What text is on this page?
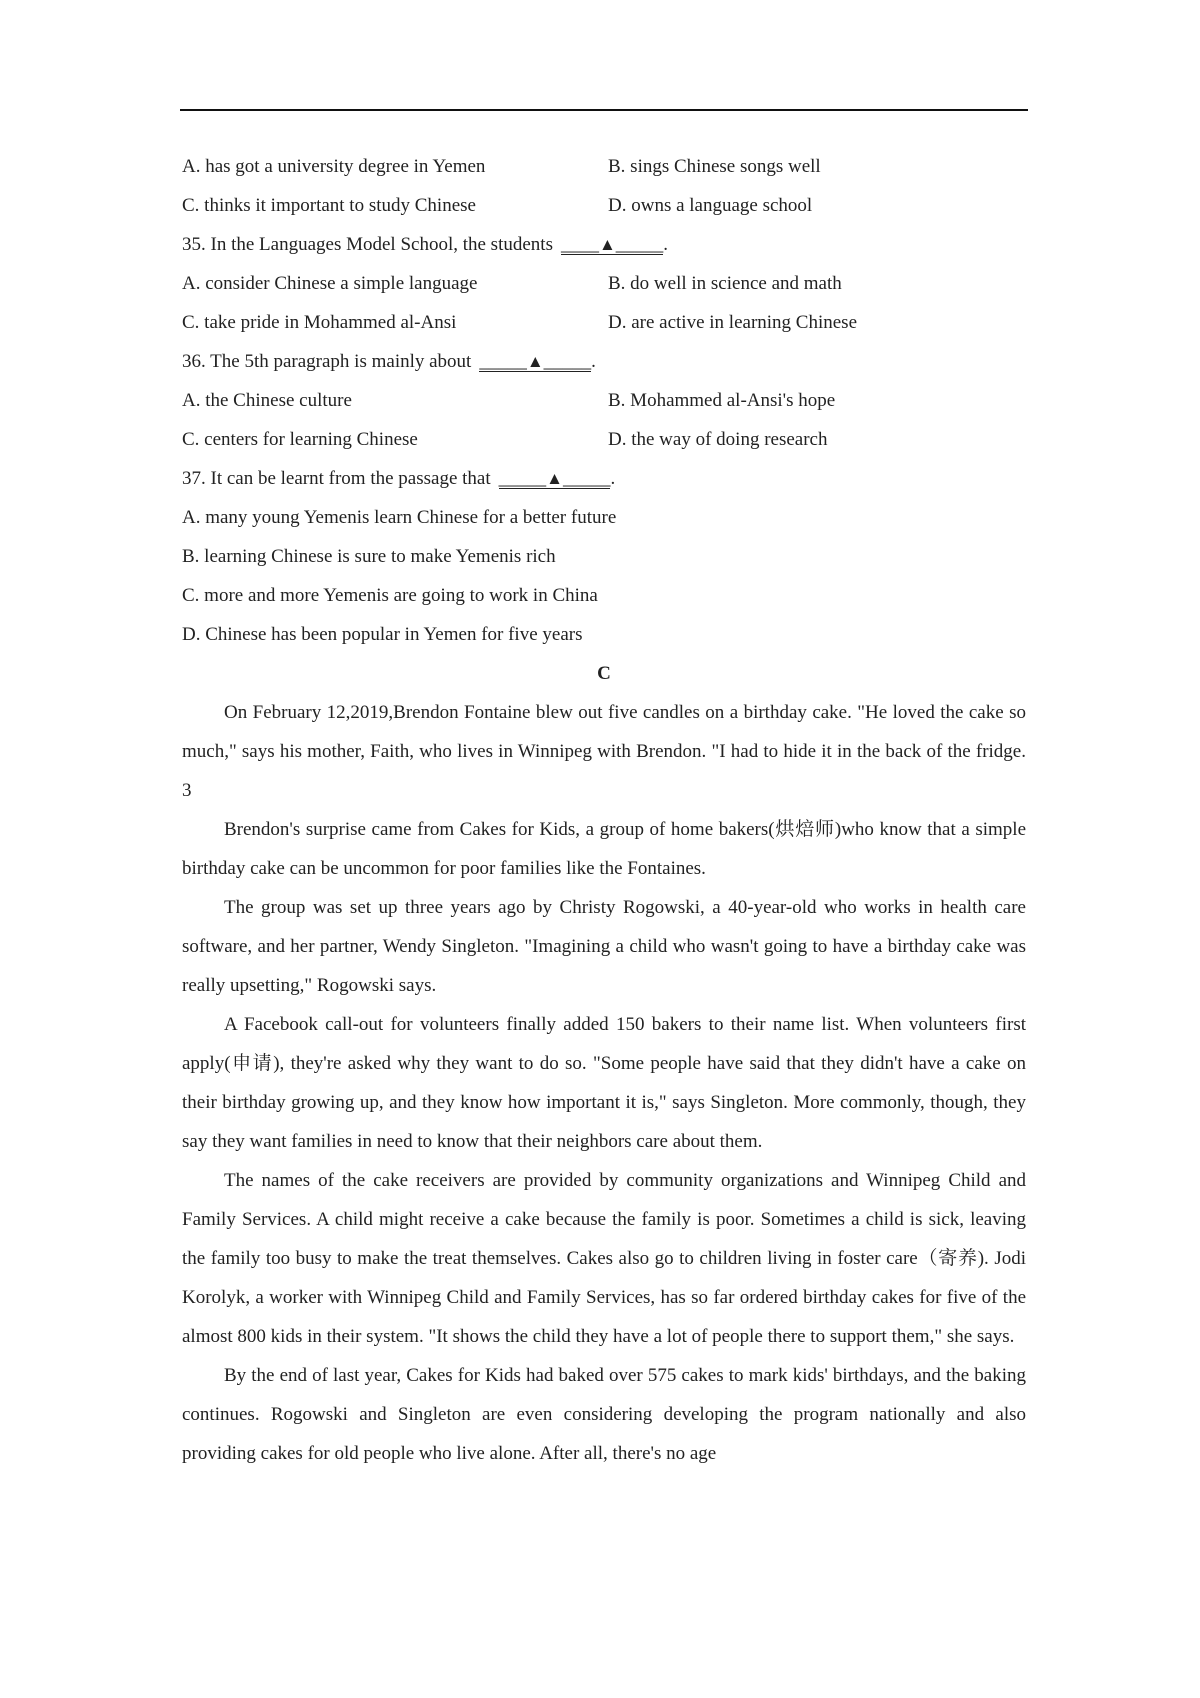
A. has got a university degree in Yemen	B. sings Chinese songs well
C. thinks it important to study Chinese	D. owns a language school
35. In the Languages Model School, the students ____▲_____.
A. consider Chinese a simple language	B. do well in science and math
C. take pride in Mohammed al-Ansi	D. are active in learning Chinese
36. The 5th paragraph is mainly about _____▲_____.
A. the Chinese culture	B. Mohammed al-Ansi's hope
C. centers for learning Chinese	D. the way of doing research
37. It can be learnt from the passage that _____▲_____.
A. many young Yemenis learn Chinese for a better future
B. learning Chinese is sure to make Yemenis rich
C. more and more Yemenis are going to work in China
D. Chinese has been popular in Yemen for five years
C

On February 12,2019,Brendon Fontaine blew out five candles on a birthday cake. "He loved the cake so much," says his mother, Faith, who lives in Winnipeg with Brendon. "I had to hide it in the back of the fridge. 3

Brendon's surprise came from Cakes for Kids, a group of home bakers(烘焙师)who know that a simple birthday cake can be uncommon for poor families like the Fontaines.

The group was set up three years ago by Christy Rogowski, a 40-year-old who works in health care software, and her partner, Wendy Singleton. "Imagining a child who wasn't going to have a birthday cake was really upsetting," Rogowski says.

A Facebook call-out for volunteers finally added 150 bakers to their name list. When volunteers first apply(申请), they're asked why they want to do so. "Some people have said that they didn't have a cake on their birthday growing up, and they know how important it is," says Singleton. More commonly, though, they say they want families in need to know that their neighbors care about them.

The names of the cake receivers are provided by community organizations and Winnipeg Child and Family Services. A child might receive a cake because the family is poor. Sometimes a child is sick, leaving the family too busy to make the treat themselves. Cakes also go to children living in foster care（寄养). Jodi Korolyk, a worker with Winnipeg Child and Family Services, has so far ordered birthday cakes for five of the almost 800 kids in their system. "It shows the child they have a lot of people there to support them," she says.

By the end of last year, Cakes for Kids had baked over 575 cakes to mark kids' birthdays, and the baking continues. Rogowski and Singleton are even considering developing the program nationally and also providing cakes for old people who live alone. After all, there's no age
